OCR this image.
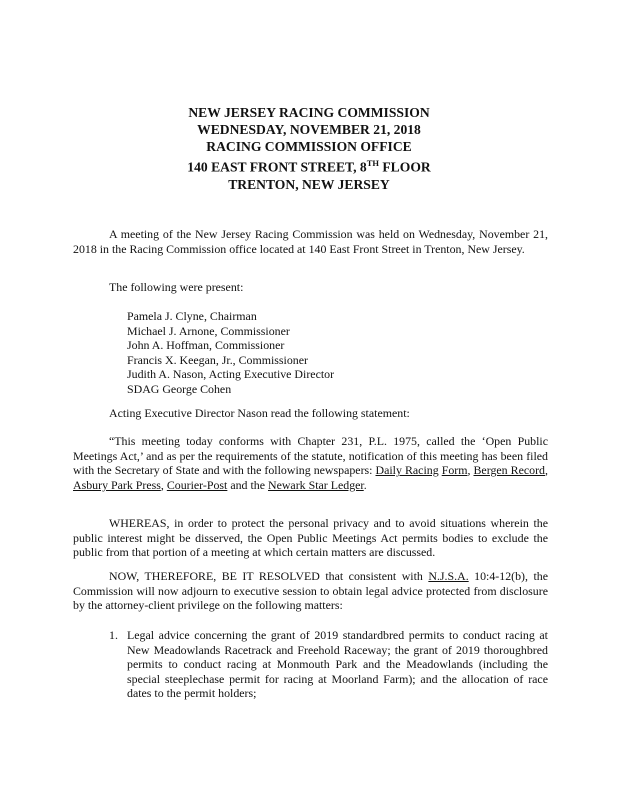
NEW JERSEY RACING COMMISSION
WEDNESDAY, NOVEMBER 21, 2018
RACING COMMISSION OFFICE
140 EAST FRONT STREET, 8TH FLOOR
TRENTON, NEW JERSEY

A meeting of the New Jersey Racing Commission was held on Wednesday, November 21, 2018 in the Racing Commission office located at 140 East Front Street in Trenton, New Jersey.

The following were present:

Pamela J. Clyne, Chairman
Michael J. Arnone, Commissioner
John A. Hoffman, Commissioner
Francis X. Keegan, Jr., Commissioner
Judith A. Nason, Acting Executive Director
SDAG George Cohen

Acting Executive Director Nason read the following statement:

“This meeting today conforms with Chapter 231, P.L. 1975, called the ‘Open Public Meetings Act,’ and as per the requirements of the statute, notification of this meeting has been filed with the Secretary of State and with the following newspapers: Daily Racing Form, Bergen Record, Asbury Park Press, Courier-Post and the Newark Star Ledger.

WHEREAS, in order to protect the personal privacy and to avoid situations wherein the public interest might be disserved, the Open Public Meetings Act permits bodies to exclude the public from that portion of a meeting at which certain matters are discussed.

NOW, THEREFORE, BE IT RESOLVED that consistent with N.J.S.A. 10:4-12(b), the Commission will now adjourn to executive session to obtain legal advice protected from disclosure by the attorney-client privilege on the following matters:

1. Legal advice concerning the grant of 2019 standardbred permits to conduct racing at New Meadowlands Racetrack and Freehold Raceway; the grant of 2019 thoroughbred permits to conduct racing at Monmouth Park and the Meadowlands (including the special steeplechase permit for racing at Moorland Farm); and the allocation of race dates to the permit holders;
